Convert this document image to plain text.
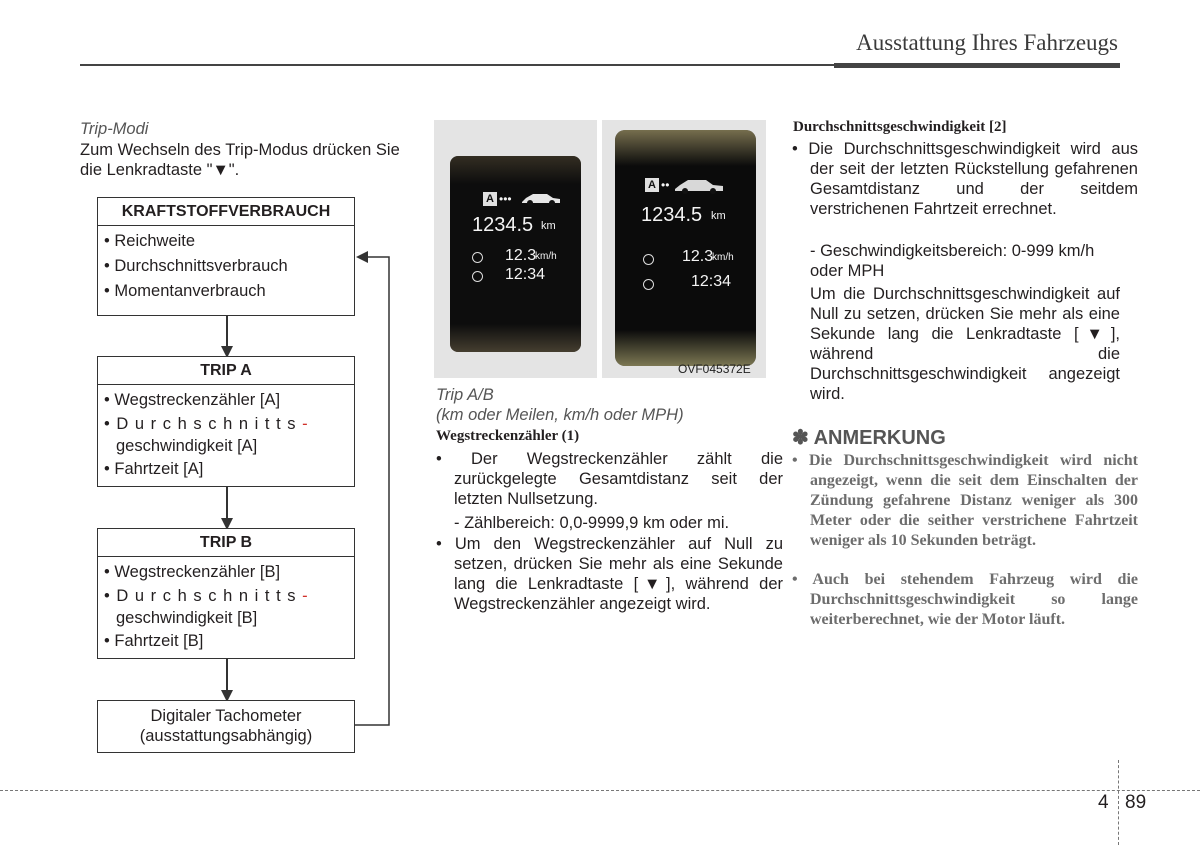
Ausstattung Ihres Fahrzeugs
Trip-Modi
Zum Wechseln des Trip-Modus drücken Sie die Lenkradtaste "▼".
KRAFTSTOFFVERBRAUCH
• Reichweite
• Durchschnittsverbrauch
• Momentanverbrauch
TRIP A
• Wegstreckenzähler [A]
•Durchschnitts-
geschwindigkeit [A]
• Fahrtzeit [A]
TRIP B
• Wegstreckenzähler [B]
•Durchschnitts-
geschwindigkeit [B]
• Fahrtzeit [B]
Digitaler Tachometer
(ausstattungsabhängig)
A •••
1234.5 km
12.3
km/h
12:34
A ••
1234.5 km
12.3
km/h
12:34
OVF045372E
Trip A/B
(km oder Meilen, km/h oder MPH)
Wegstreckenzähler (1)
• Der Wegstreckenzähler zählt die zurückgelegte Gesamtdistanz seit der letzten Nullsetzung.
- Zählbereich: 0,0-9999,9 km oder mi.
• Um den Wegstreckenzähler auf Null zu setzen, drücken Sie mehr als eine Sekunde lang die Lenkradtaste [▼], während der Wegstreckenzähler angezeigt wird.
Durchschnittsgeschwindigkeit [2]
• Die Durchschnittsgeschwindigkeit wird aus der seit der letzten Rückstellung gefahrenen Gesamtdistanz und der seitdem verstrichenen Fahrtzeit errechnet.
- Geschwindigkeitsbereich: 0-999 km/h oder MPH
Um die Durchschnittsgeschwindigkeit auf Null zu setzen, drücken Sie mehr als eine Sekunde lang die Lenkradtaste [▼], während die Durchschnittsgeschwindigkeit angezeigt wird.
✽ ANMERKUNG
• Die Durchschnittsgeschwindigkeit wird nicht angezeigt, wenn die seit dem Einschalten der Zündung gefahrene Distanz weniger als 300 Meter oder die seither verstrichene Fahrtzeit weniger als 10 Sekunden beträgt.
• Auch bei stehendem Fahrzeug wird die Durchschnittsgeschwindigkeit so lange weiterberechnet, wie der Motor läuft.
4 89
